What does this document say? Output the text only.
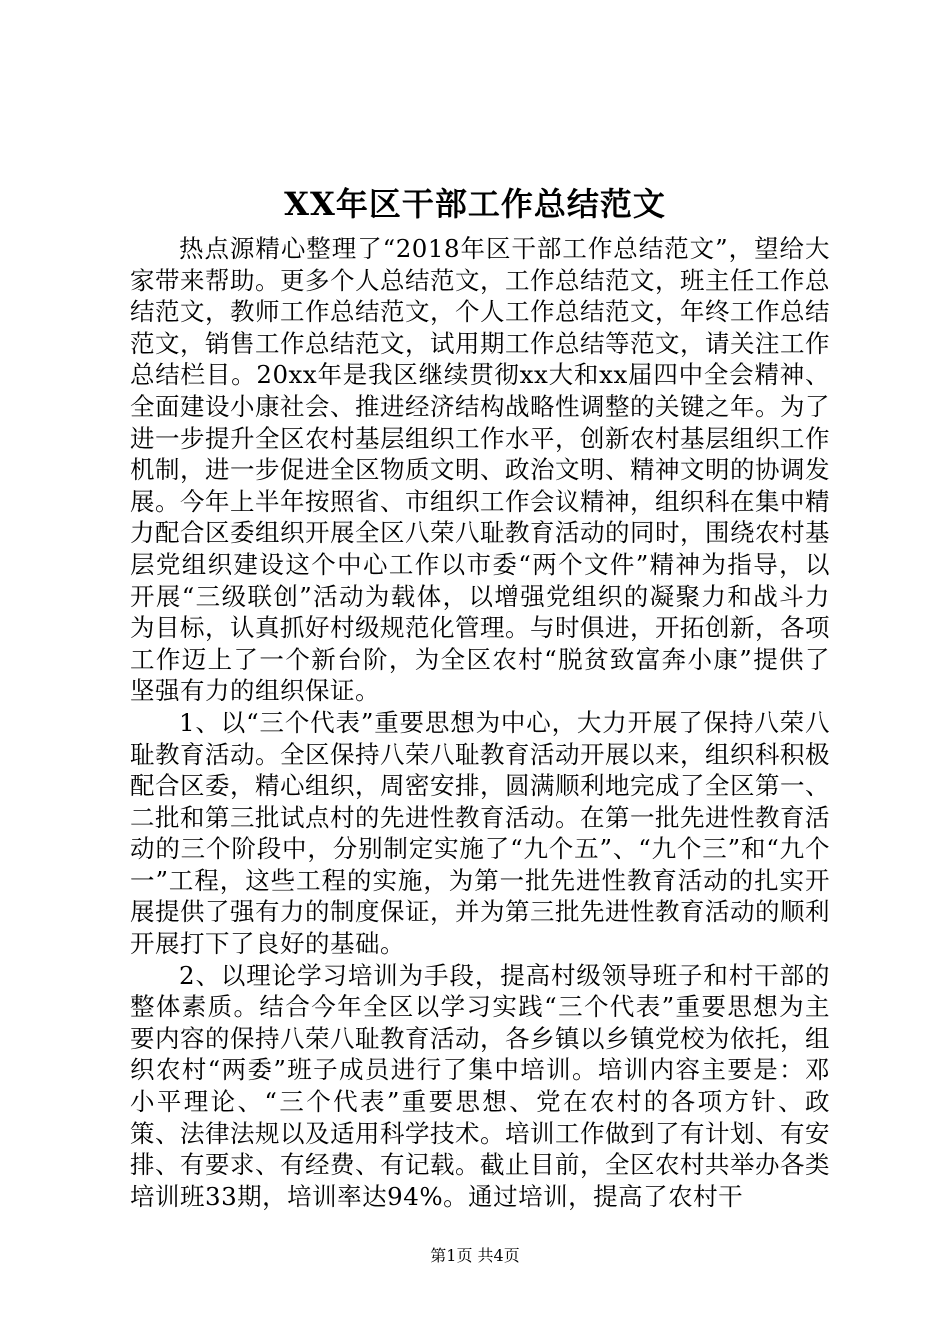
XX年区干部工作总结范文

热点源精心整理了“2018年区干部工作总结范文”，望给大家带来帮助。更多个人总结范文，工作总结范文，班主任工作总结范文，教师工作总结范文，个人工作总结范文，年终工作总结范文，销售工作总结范文，试用期工作总结等范文，请关注工作总结栏目。20xx年是我区继续贯彻xx大和xx届四中全会精神、全面建设小康社会、推进经济结构战略性调整的关键之年。为了进一步提升全区农村基层组织工作水平，创新农村基层组织工作机制，进一步促进全区物质文明、政治文明、精神文明的协调发展。今年上半年按照省、市组织工作会议精神，组织科在集中精力配合区委组织开展全区八荣八耻教育活动的同时，围绕农村基层党组织建设这个中心工作以市委“两个文件”精神为指导，以开展“三级联创”活动为载体，以增强党组织的凝聚力和战斗力为目标，认真抓好村级规范化管理。与时俱进，开拓创新，各项工作迈上了一个新台阶，为全区农村“脱贫致富奔小康”提供了坚强有力的组织保证。

1、以“三个代表”重要思想为中心，大力开展了保持八荣八耻教育活动。全区保持八荣八耻教育活动开展以来，组织科积极配合区委，精心组织，周密安排，圆满顺利地完成了全区第一、二批和第三批试点村的先进性教育活动。在第一批先进性教育活动的三个阶段中，分别制定实施了“九个五”、“九个三”和“九个一”工程，这些工程的实施，为第一批先进性教育活动的扎实开展提供了强有力的制度保证，并为第三批先进性教育活动的顺利开展打下了良好的基础。

2、以理论学习培训为手段，提高村级领导班子和村干部的整体素质。结合今年全区以学习实践“三个代表”重要思想为主要内容的保持八荣八耻教育活动，各乡镇以乡镇党校为依托，组织农村“两委”班子成员进行了集中培训。培训内容主要是：邓小平理论、“三个代表”重要思想、党在农村的各项方针、政策、法律法规以及适用科学技术。培训工作做到了有计划、有安排、有要求、有经费、有记载。截止目前，全区农村共举办各类培训班33期，培训率达94%。通过培训，提高了农村干

第1页 共4页
